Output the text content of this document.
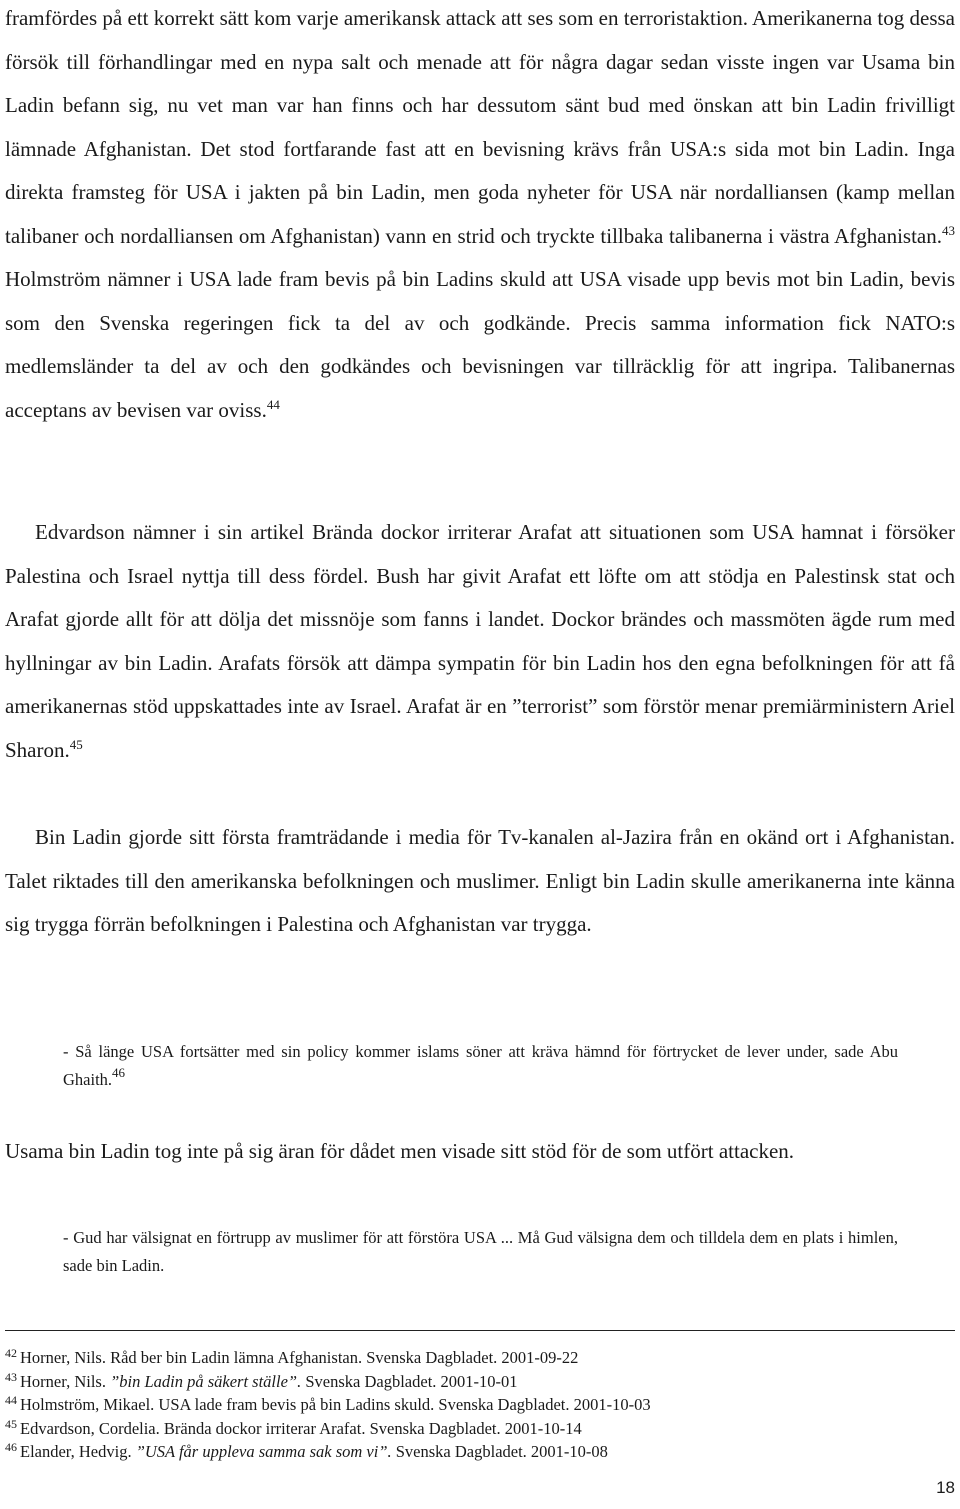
framfördes på ett korrekt sätt kom varje amerikansk attack att ses som en terroristaktion. Amerikanerna tog dessa försök till förhandlingar med en nypa salt och menade att för några dagar sedan visste ingen var Usama bin Ladin befann sig, nu vet man var han finns och har dessutom sänt bud med önskan att bin Ladin frivilligt lämnade Afghanistan. Det stod fortfarande fast att en bevisning krävs från USA:s sida mot bin Ladin. Inga direkta framsteg för USA i jakten på bin Ladin, men goda nyheter för USA när nordalliansen (kamp mellan talibaner och nordalliansen om Afghanistan) vann en strid och tryckte tillbaka talibanerna i västra Afghanistan.$^{43}$ Holmström nämner i USA lade fram bevis på bin Ladins skuld att USA visade upp bevis mot bin Ladin, bevis som den Svenska regeringen fick ta del av och godkände. Precis samma information fick NATO:s medlemsländer ta del av och den godkändes och bevisningen var tillräcklig för att ingripa. Talibanernas acceptans av bevisen var oviss.$^{44}$

Edvardson nämner i sin artikel Brända dockor irriterar Arafat att situationen som USA hamnat i försöker Palestina och Israel nyttja till dess fördel. Bush har givit Arafat ett löfte om att stödja en Palestinsk stat och Arafat gjorde allt för att dölja det missnöje som fanns i landet. Dockor brändes och massmöten ägde rum med hyllningar av bin Ladin. Arafats försök att dämpa sympatin för bin Ladin hos den egna befolkningen för att få amerikanernas stöd uppskattades inte av Israel. Arafat är en ”terrorist” som förstör menar premiärministern Ariel Sharon.$^{45}$

Bin Ladin gjorde sitt första framträdande i media för Tv-kanalen al-Jazira från en okänd ort i Afghanistan. Talet riktades till den amerikanska befolkningen och muslimer. Enligt bin Ladin skulle amerikanerna inte känna sig trygga förrän befolkningen i Palestina och Afghanistan var trygga.

- Så länge USA fortsätter med sin policy kommer islams söner att kräva hämnd för förtrycket de lever under, sade Abu Ghaith.$^{46}$

Usama bin Ladin tog inte på sig äran för dådet men visade sitt stöd för de som utfört attacken.

- Gud har välsignat en förtrupp av muslimer för att förstöra USA ... Må Gud välsigna dem och tilldela dem en plats i himlen, sade bin Ladin.

$^{42}$ Horner, Nils. Råd ber bin Ladin lämna Afghanistan. Svenska Dagbladet. 2001-09-22
$^{43}$ Horner, Nils. ”bin Ladin på säkert ställe”. Svenska Dagbladet. 2001-10-01
$^{44}$ Holmström, Mikael. USA lade fram bevis på bin Ladins skuld. Svenska Dagbladet. 2001-10-03
$^{45}$ Edvardson, Cordelia. Brända dockor irriterar Arafat. Svenska Dagbladet. 2001-10-14
$^{46}$ Elander, Hedvig. ”USA får uppleva samma sak som vi”. Svenska Dagbladet. 2001-10-08
18
